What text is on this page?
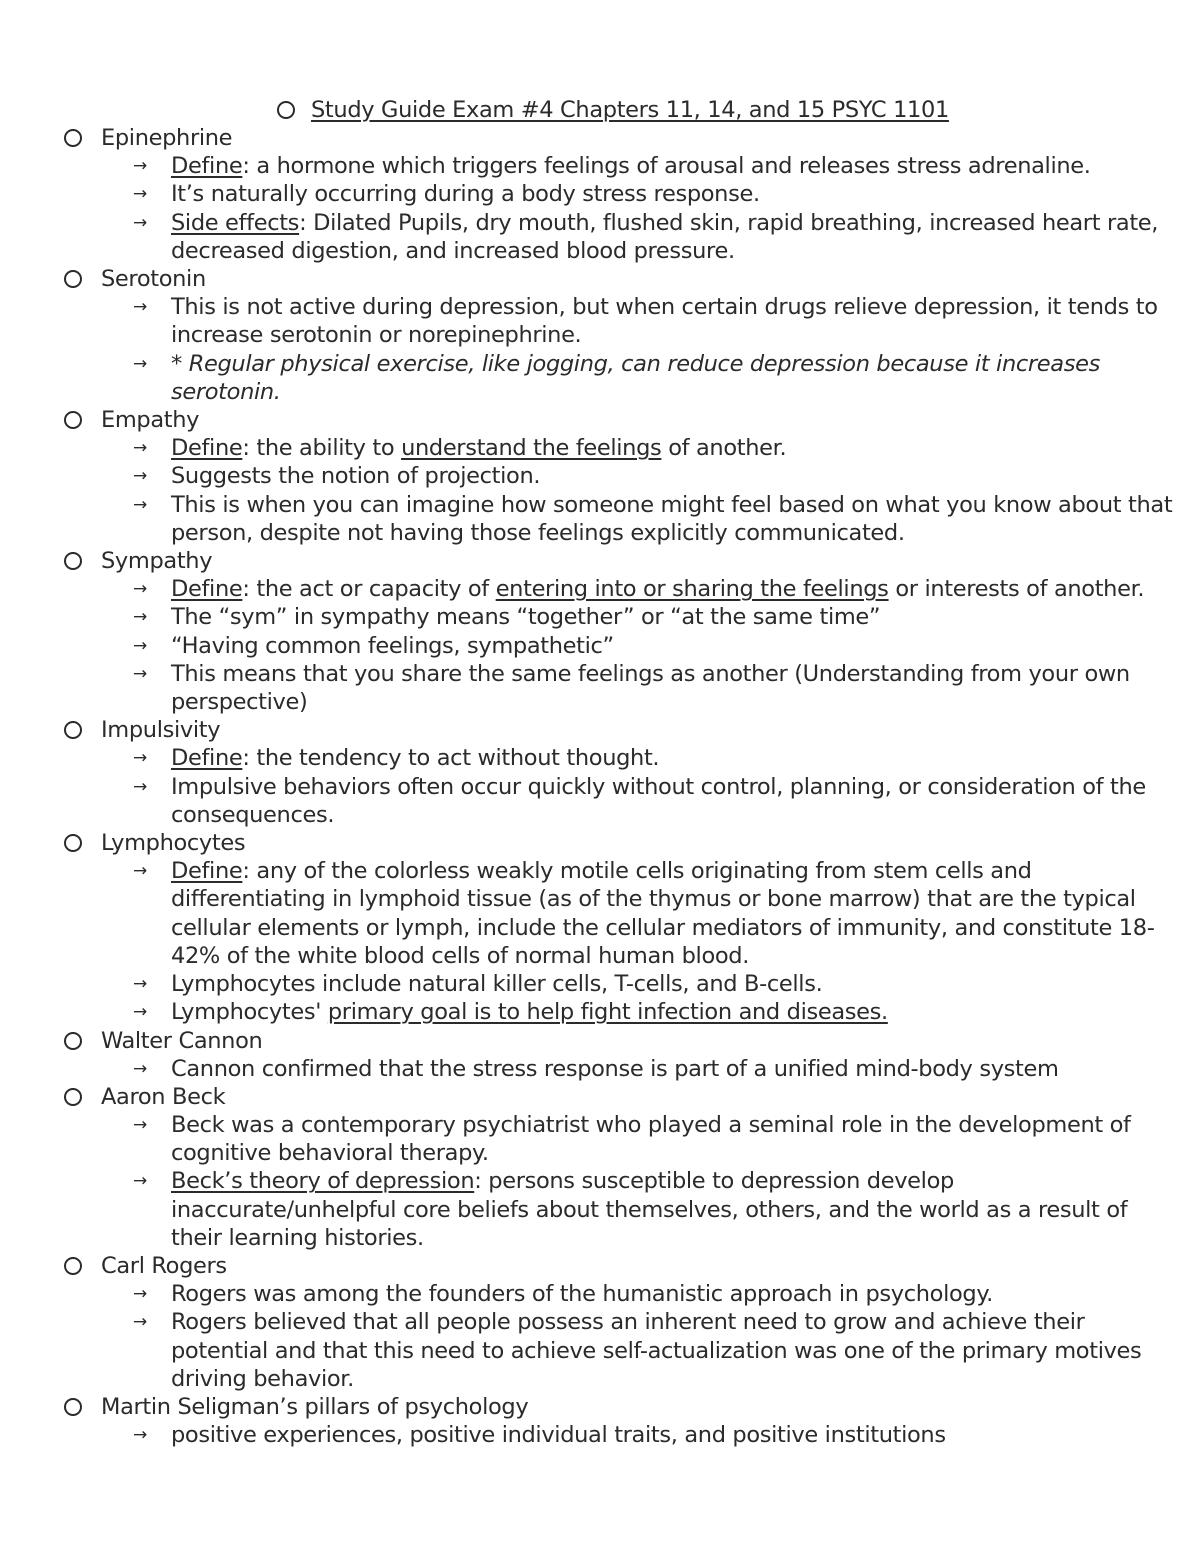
Study Guide Exam #4 Chapters 11, 14, and 15 PSYC 1101
Epinephrine
→ Define: a hormone which triggers feelings of arousal and releases stress adrenaline.
→ It’s naturally occurring during a body stress response.
→ Side effects: Dilated Pupils, dry mouth, flushed skin, rapid breathing, increased heart rate, decreased digestion, and increased blood pressure.
Serotonin
→ This is not active during depression, but when certain drugs relieve depression, it tends to increase serotonin or norepinephrine.
→ * Regular physical exercise, like jogging, can reduce depression because it increases serotonin.
Empathy
→ Define: the ability to understand the feelings of another.
→ Suggests the notion of projection.
→ This is when you can imagine how someone might feel based on what you know about that person, despite not having those feelings explicitly communicated.
Sympathy
→ Define: the act or capacity of entering into or sharing the feelings or interests of another.
→ The “sym” in sympathy means “together” or “at the same time”
→ “Having common feelings, sympathetic”
→ This means that you share the same feelings as another (Understanding from your own perspective)
Impulsivity
→ Define: the tendency to act without thought.
→ Impulsive behaviors often occur quickly without control, planning, or consideration of the consequences.
Lymphocytes
→ Define: any of the colorless weakly motile cells originating from stem cells and differentiating in lymphoid tissue (as of the thymus or bone marrow) that are the typical cellular elements or lymph, include the cellular mediators of immunity, and constitute 18-42% of the white blood cells of normal human blood.
→ Lymphocytes include natural killer cells, T-cells, and B-cells.
→ Lymphocytes' primary goal is to help fight infection and diseases.
Walter Cannon
→ Cannon confirmed that the stress response is part of a unified mind-body system
Aaron Beck
→ Beck was a contemporary psychiatrist who played a seminal role in the development of cognitive behavioral therapy.
→ Beck’s theory of depression: persons susceptible to depression develop inaccurate/unhelpful core beliefs about themselves, others, and the world as a result of their learning histories.
Carl Rogers
→ Rogers was among the founders of the humanistic approach in psychology.
→ Rogers believed that all people possess an inherent need to grow and achieve their potential and that this need to achieve self-actualization was one of the primary motives driving behavior.
Martin Seligman’s pillars of psychology
→ positive experiences, positive individual traits, and positive institutions
